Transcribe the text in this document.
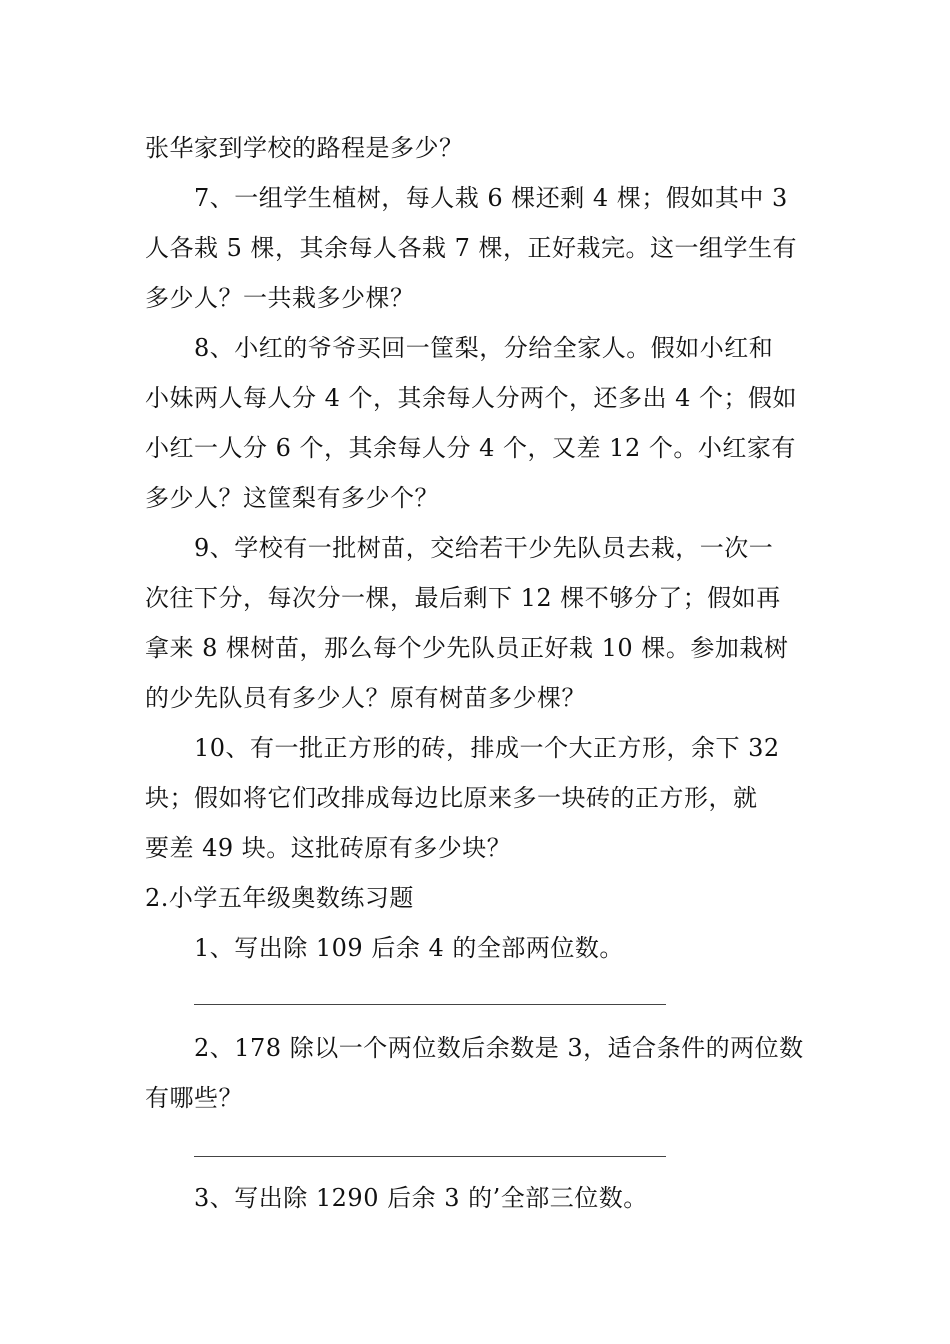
张华家到学校的路程是多少？
7、一组学生植树，每人栽 6 棵还剩 4 棵；假如其中 3
人各栽 5 棵，其余每人各栽 7 棵，正好栽完。这一组学生有
多少人？一共栽多少棵？
8、小红的爷爷买回一筐梨，分给全家人。假如小红和
小妹两人每人分 4 个，其余每人分两个，还多出 4 个；假如
小红一人分 6 个，其余每人分 4 个，又差 12 个。小红家有
多少人？这筐梨有多少个？
9、学校有一批树苗，交给若干少先队员去栽，一次一
次往下分，每次分一棵，最后剩下 12 棵不够分了；假如再
拿来 8 棵树苗，那么每个少先队员正好栽 10 棵。参加栽树
的少先队员有多少人？原有树苗多少棵？
10、有一批正方形的砖，排成一个大正方形，余下 32
块；假如将它们改排成每边比原来多一块砖的正方形，就
要差 49 块。这批砖原有多少块？
2.小学五年级奥数练习题
1、写出除 109 后余 4 的全部两位数。
2、178 除以一个两位数后余数是 3，适合条件的两位数
有哪些？
3、写出除 1290 后余 3 的’全部三位数。
